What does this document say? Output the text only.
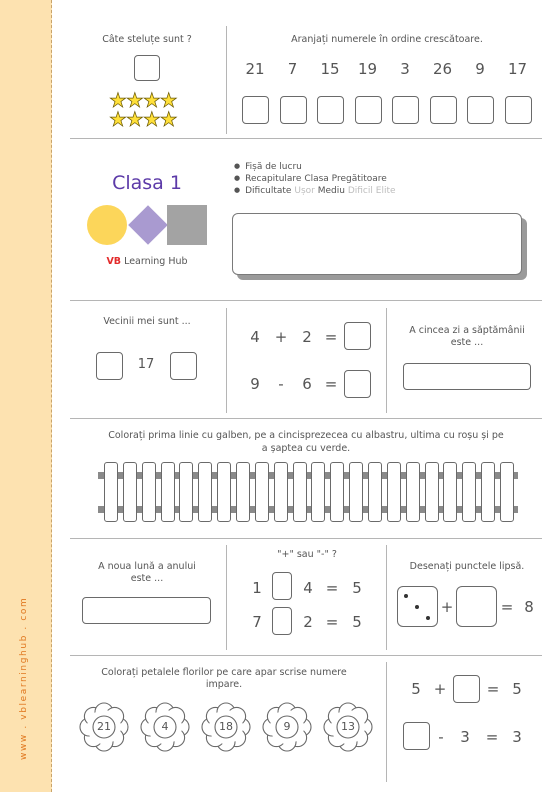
www . vblearninghub . com
Câte steluțe sunt ?
★★★★
★★★★
Aranjați numerele în ordine crescătoare.
21	7	15	19	3	26	9	17
Clasa 1
VB Learning Hub
● Fișă de lucru
● Recapitulare Clasa Pregătitoare
● Dificultate Ușor Mediu Dificil Elite
Vecinii mei sunt ...
17
4 + 2 =
9 - 6 =
A cincea zi a săptămânii
este ...
Colorați prima linie cu galben, pe a cincisprezecea cu albastru, ultima cu roșu și pe
a șaptea cu verde.
A noua lună a anului
este ...
"+" sau "-" ?
1	4 = 5
7	2 = 5
Desenați punctele lipsă.
+	= 8
Colorați petalele florilor pe care apar scrise numere
impare.
21	4	18	9	13
5 +	= 5
- 3 = 3
